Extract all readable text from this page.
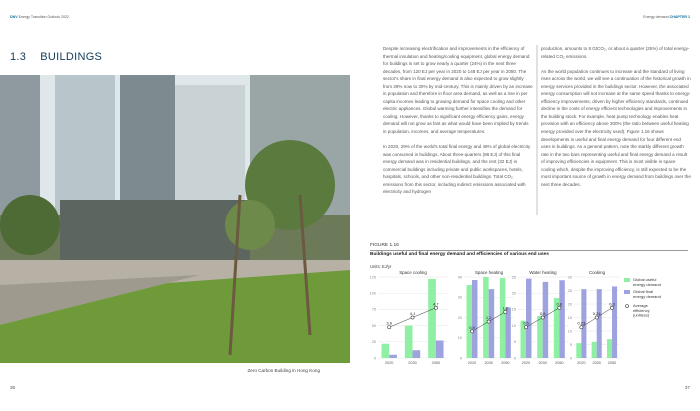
DNV Energy Transition Outlook 2022	Energy demand CHAPTER 1
1.3 BUILDINGS
Zero Carbon Building in Hong Kong
36	37

Despite increasing electrification and improvements in the efficiency of thermal insulation and heating/cooling equipment, global energy demand for buildings is set to grow nearly a quarter (24%) in the next three decades, from 120 EJ per year in 2020 to 148 EJ per year in 2050. The sector's share in final energy demand is also expected to grow slightly from 29% now to 30% by mid-century. This is mainly driven by an increase in population and therefore in floor area demand, as well as a rise in per capita incomes leading to growing demand for space cooling and other electric appliances. Global warming further intensifies the demand for cooling. However, thanks to significant energy efficiency gains, energy demand will not grow as fast as what would have been implied by trends in population, incomes, and average temperatures.

In 2020, 29% of the world's total final energy and 48% of global electricity was consumed in buildings. About three-quarters (88 EJ) of this final energy demand was in residential buildings, and the rest (32 EJ) in commercial buildings including private and public workspaces, hotels, hospitals, schools, and other non-residential buildings. Total CO₂ emissions from this sector, including indirect emissions associated with electricity and hydrogen

production, amounts to 8 GtCO₂, or about a quarter (25%) of total energy-related CO₂ emissions.

As the world population continues to increase and the standard of living rises across the world, we will see a continuation of the historical growth in energy services provided in the buildings sector. However, the associated energy consumption will not increase at the same speed thanks to energy-efficiency improvements, driven by higher efficiency standards, continued decline in the costs of energy efficient technologies and improvements in the building stock. For example, heat pump technology enables heat provision with an efficiency above 300% (the ratio between useful heating energy provided over the electricity used). Figure 1.16 shows developments in useful and final energy demand for four different end uses in buildings. As a general pattern, note the starkly different growth rate in the two bars representing useful and final energy demand a result of improving efficiencies in equipment. This is most visible in space cooling which, despite the improving efficiency, is still expected to be the most important source of growth in energy demand from buildings over the next three decades.

FIGURE 1.16
Buildings useful and final energy demand and efficiencies of various end uses
Units: EJ/yr
Space cooling
0
25
50
75
100
125
2020	2030	2050
3.6
4.1
4.7
Space heating
0
10
20
30
40
2020 2030 2050
0.9
1.2
1.6
Water heating
0
5
10
15
20
25
2020 2030 2050
0.5
0.6
0.8
Cooking
0
5
10
15
20
25
30
2020 2030 2050
0.23
0.24
0.3
Global useful
energy demand
Global final
energy demand
Average
efficiency
(unitless)
